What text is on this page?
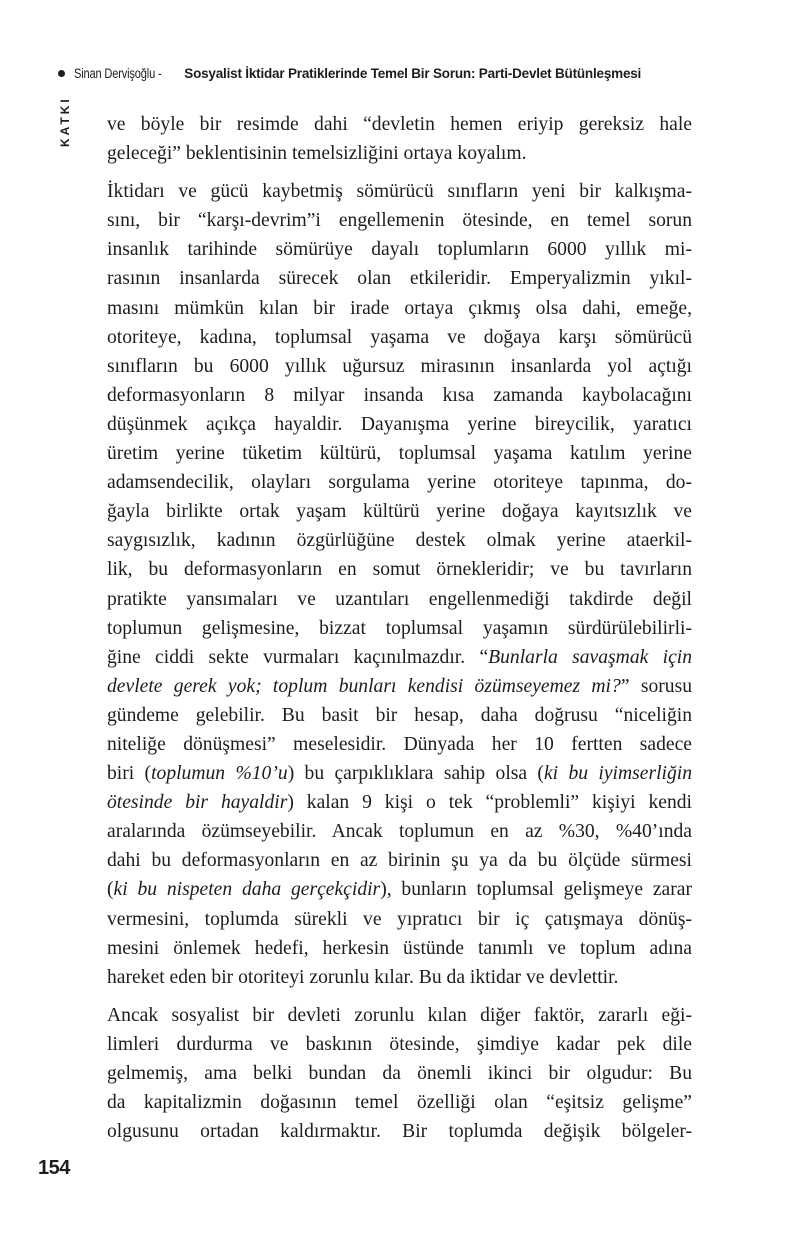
Sinan Dervişoğlu - Sosyalist İktidar Pratiklerinde Temel Bir Sorun: Parti-Devlet Bütünleşmesi
KATKI ve böyle bir resimde dahi “devletin hemen eriyip gereksiz hale
geleceği” beklentisinin temelsizliğini ortaya koyalım.

İktidarı ve gücü kaybetmiş sömürücü sınıfların yeni bir kalkışma-
sını, bir “karşı-devrim”i engellemenin ötesinde, en temel sorun
insanlık tarihinde sömürüye dayalı toplumların 6000 yıllık mi-
rasının insanlarda sürecek olan etkileridir. Emperyalizmin yıkıl-
masını mümkün kılan bir irade ortaya çıkmış olsa dahi, emeğe,
otoriteye, kadına, toplumsal yaşama ve doğaya karşı sömürücü
sınıfların bu 6000 yıllık uğursuz mirasının insanlarda yol açtığı
deformasyonların 8 milyar insanda kısa zamanda kaybolacağını
düşünmek açıkça hayaldir. Dayanışma yerine bireycilik, yaratıcı
üretim yerine tüketim kültürü, toplumsal yaşama katılım yerine
adamsendecilik, olayları sorgulama yerine otoriteye tapınma, do-
ğayla birlikte ortak yaşam kültürü yerine doğaya kayıtsızlık ve
saygısızlık, kadının özgürlüğüne destek olmak yerine ataerkil-
lik, bu deformasyonların en somut örnekleridir; ve bu tavırların
pratikte yansımaları ve uzantıları engellenmediği takdirde değil
toplumun gelişmesine, bizzat toplumsal yaşamın sürdürülebilirli-
ğine ciddi sekte vurmaları kaçınılmazdır. “Bunlarla savaşmak için
devlete gerek yok; toplum bunları kendisi özümseyemez mi?” sorusu
gündeme gelebilir. Bu basit bir hesap, daha doğrusu “niceliğin
niteliğe dönüşmesi” meselesidir. Dünyada her 10 fertten sadece
biri (toplumun %10’u) bu çarpıklıklara sahip olsa (ki bu iyimserliğin
ötesinde bir hayaldir) kalan 9 kişi o tek “problemli” kişiyi kendi
aralarında özümseyebilir. Ancak toplumun en az %30, %40’ında
dahi bu deformasyonların en az birinin şu ya da bu ölçüde sürmesi
(ki bu nispeten daha gerçekçidir), bunların toplumsal gelişmeye zarar
vermesini, toplumda sürekli ve yıpratıcı bir iç çatışmaya dönüş-
mesini önlemek hedefi, herkesin üstünde tanımlı ve toplum adına
hareket eden bir otoriteyi zorunlu kılar. Bu da iktidar ve devlettir.

Ancak sosyalist bir devleti zorunlu kılan diğer faktör, zararlı eği-
limleri durdurma ve baskının ötesinde, şimdiye kadar pek dile
gelmemiş, ama belki bundan da önemli ikinci bir olgudur: Bu
da kapitalizmin doğasının temel özelliği olan “eşitsiz gelişme”
olgusunu ortadan kaldırmaktır. Bir toplumda değişik bölgeler-

154
